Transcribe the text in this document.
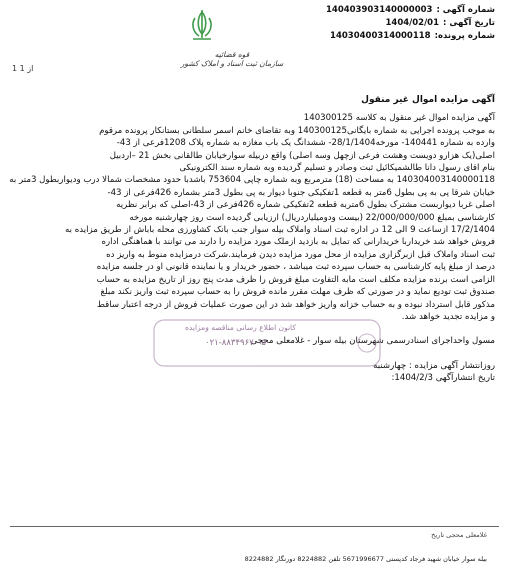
شماره آگهی :
140403903140000003
تاریخ آگهی :
1404/02/01
شماره پرونده:
14030400314000118
قوه قضائیه
سازمان ثبت اسناد و املاک کشور
1 از 1
آگهی مزایده اموال غیر منقول
آگهی مزایده اموال غیر منقول به کلاسه 140300125
به موجب پرونده اجرایی به شماره بایگانی140300125 وبه تقاضای خانم اسمر سلطانی بستانکار پرونده مرقوم
وارده به شماره 140441- مورخه28/1/1404- ششدانگ یک باب مغازه به شماره پلاک 1208فرعی از 43-
اصلی(یک هزارو دویست وهشت فرعی ازچهل وسه اصلی) واقع دربیله سوارخیابان طالقانی بخش 21 –اردبیل
بنام اقای رسول دانا طالشمیکائیل ثبت وصادر و تسلیم گردیده وبه شماره سند الکترونیکی
140304003140000118 به مساحت (18) مترمربع وبه شماره چاپی 753604 باشدبا حدود مشخصات شمالا درب وديواربطول 3متر به
خیابان شرقا پی به پی بطول 6متر به قطعه 1تفکیکی جنوبا دیوار به پی بطول 3متر بشماره 426فرعی از 43-
اصلی غربا دیواربست مشترک بطول 6متربه قطعه 2تفکیکی شماره 426فرعی از 43-اصلی که برابر نظریه
کارشناسی بمبلغ 22/000/000/000 (بیست ودومیلیاردریال) ارزیابی گردیده است روز چهارشنبه مورخه
17/2/1404 ازساعت 9 الی 12 در اداره ثبت اسناد واملاک بیله سوار جنب بانک کشاورزی محله باباش از طریق مزایده به
فروش خواهد شد خریداربا خریدارانی که تمایل به بازدید ازملک مورد مزایده را دارند می توانند با هماهنگی اداره
ثبت اسناد واملاک قبل ازبرگزاری مزایده از محل مورد مزایده دیدن فرمایند.شرکت درمزایده منوط به واریز ده
درصد از مبلغ پایه کارشناسی به حساب سپرده ثبت میباشد ، حضور خریدار و یا نماینده قانونی او در جلسه مزایده
الزامی است برنده مزایده مکلف است مابه التفاوت مبلغ فروش را ظرف مدت پنج روز از تاریخ مزایده به حساب
صندوق ثبت تودیع نماید و در صورتی که ظرف مهلت مقرر مانده فروش را به حساب سپرده ثبت واریز نکند مبلغ
مذکور قابل استرداد نبوده و به حساب خزانه واریز خواهد شد در این صورت عملیات فروش از درجه اعتبار ساقط
و مزایده تجدید خواهد شد.
مسول واحداجرای اسنادرسمی شهرستان بیله سوار - غلامعلی محجی
روزانتشار آگهی مزایده : چهارشنبه
تاریخ انتشارآگهی 1404/2/3:
کانون اطلاع رسانی مناقصه ومزایده
۰۲۱-۸۸۳۴۹۶۷۰-۵
غلامعلی محجی تاریخ
بیله سوار خیابان شهید فرجاد کدپستی 5671996677 تلفن 8224882 دورنگار 8224882
